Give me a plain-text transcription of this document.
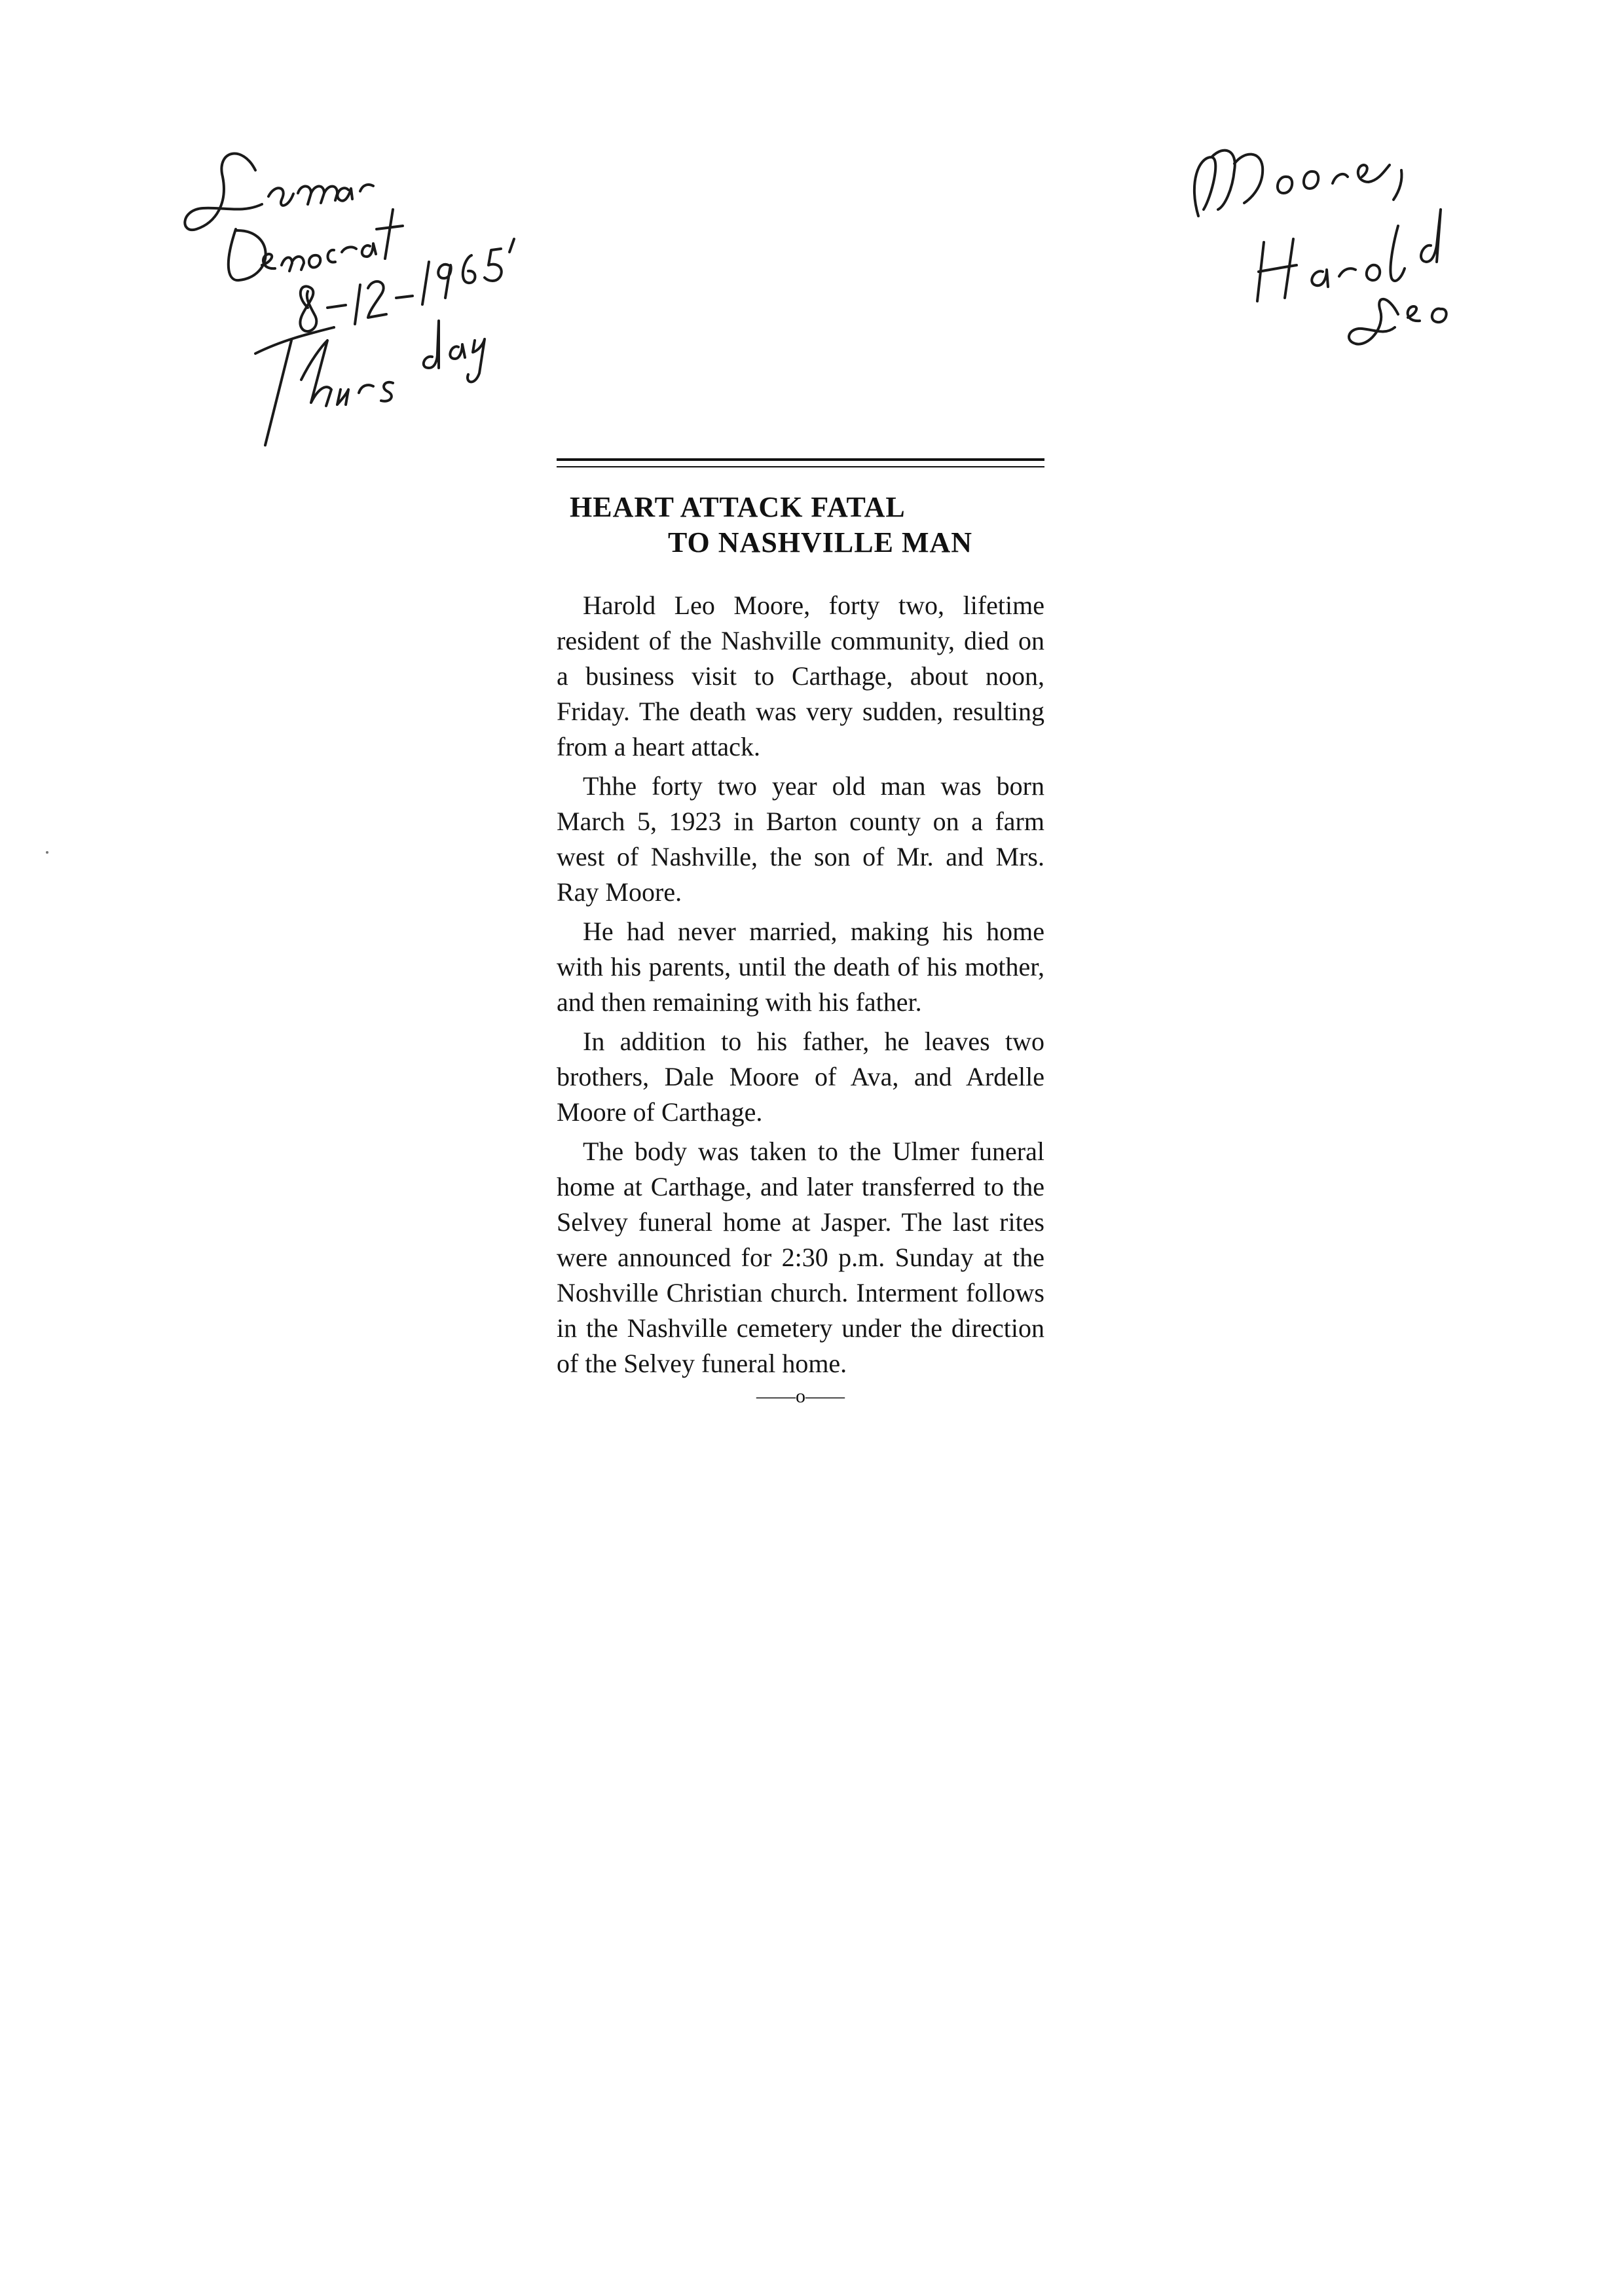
HEART ATTACK FATAL
TO NASHVILLE MAN

Harold Leo Moore, forty two, lifetime resident of the Nashville community, died on a business visit to Carthage, about noon, Friday. The death was very sudden, resulting from a heart attack.

Thhe forty two year old man was born March 5, 1923 in Barton county on a farm west of Nashville, the son of Mr. and Mrs. Ray Moore.

He had never married, making his home with his parents, until the death of his mother, and then remaining with his father.

In addition to his father, he leaves two brothers, Dale Moore of Ava, and Ardelle Moore of Carthage.

The body was taken to the Ulmer funeral home at Carthage, and later transferred to the Selvey funeral home at Jasper. The last rites were announced for 2:30 p.m. Sunday at the Noshville Christian church. Interment follows in the Nashville cemetery under the direction of the Selvey funeral home.

——o——
